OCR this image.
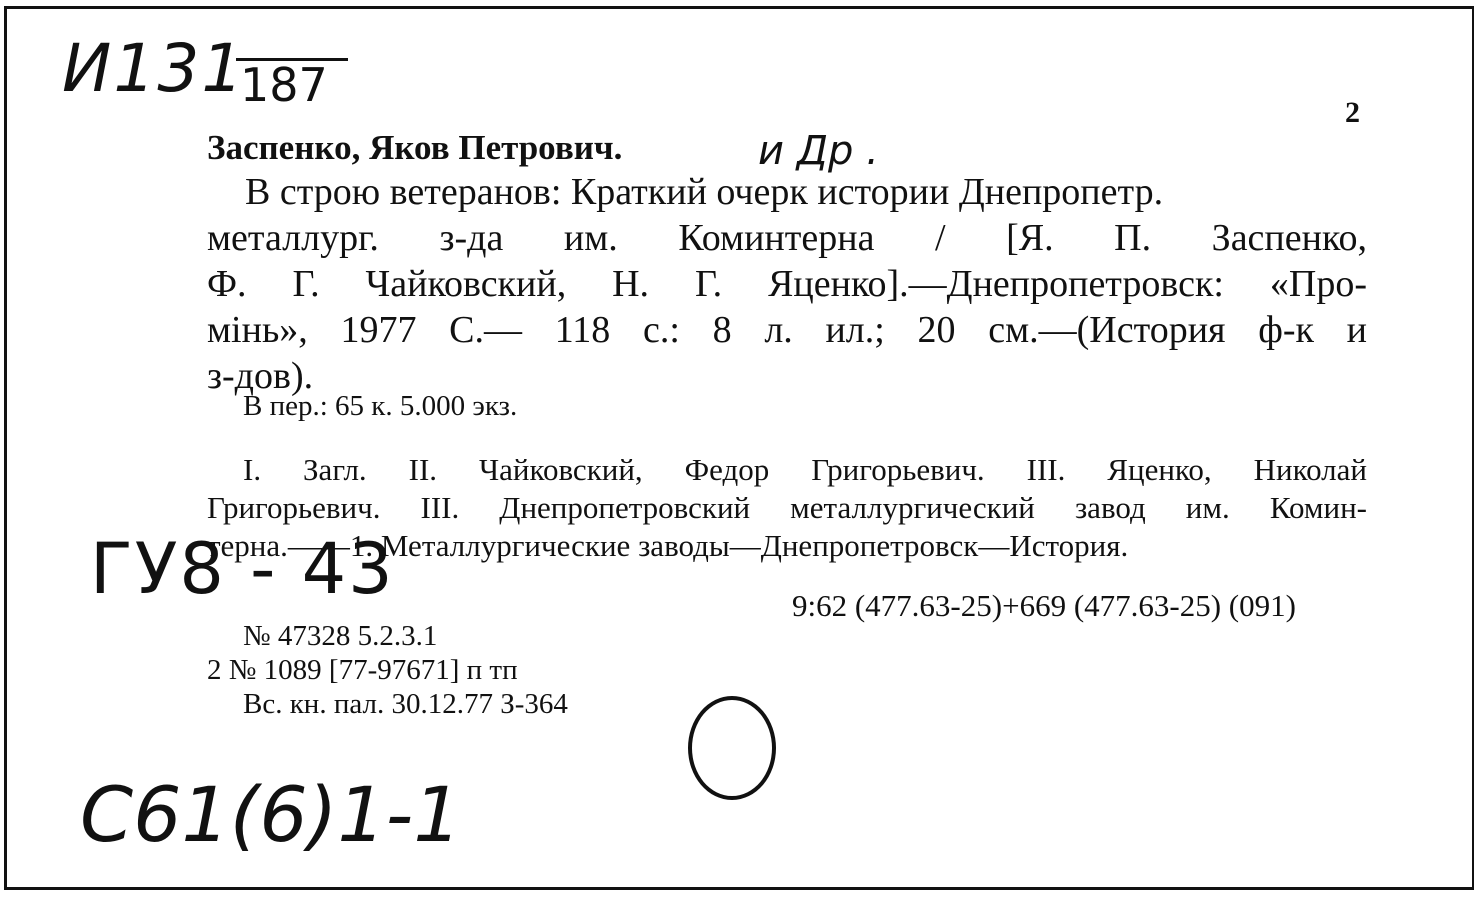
И131
187
и Др .
ГУ8 - 43
С61(6)1-1
2
Заспенко, Яков Петрович.
В строю ветеранов: Краткий очерк истории Днепропетр.
металлург. з-да им. Коминтерна / [Я. П. Заспенко,
Ф. Г. Чайковский, Н. Г. Яценко].—Днепропетровск: «Про-
мінь», 1977 С.— 118 с.: 8 л. ил.; 20 см.—(История ф-к и
з-дов).
В пер.: 65 к. 5.000 экз.
I. Загл. II. Чайковский, Федор Григорьевич. III. Яценко, Николай
Григорьевич. III. Днепропетровский металлургический завод им. Комин-
терна.——1. Металлургические заводы—Днепропетровск—История.
9:62 (477.63-25)+669 (477.63-25) (091)
№ 47328 5.2.3.1
2 № 1089 [77-97671] п тп
Вс. кн. пал. 30.12.77 З-364
